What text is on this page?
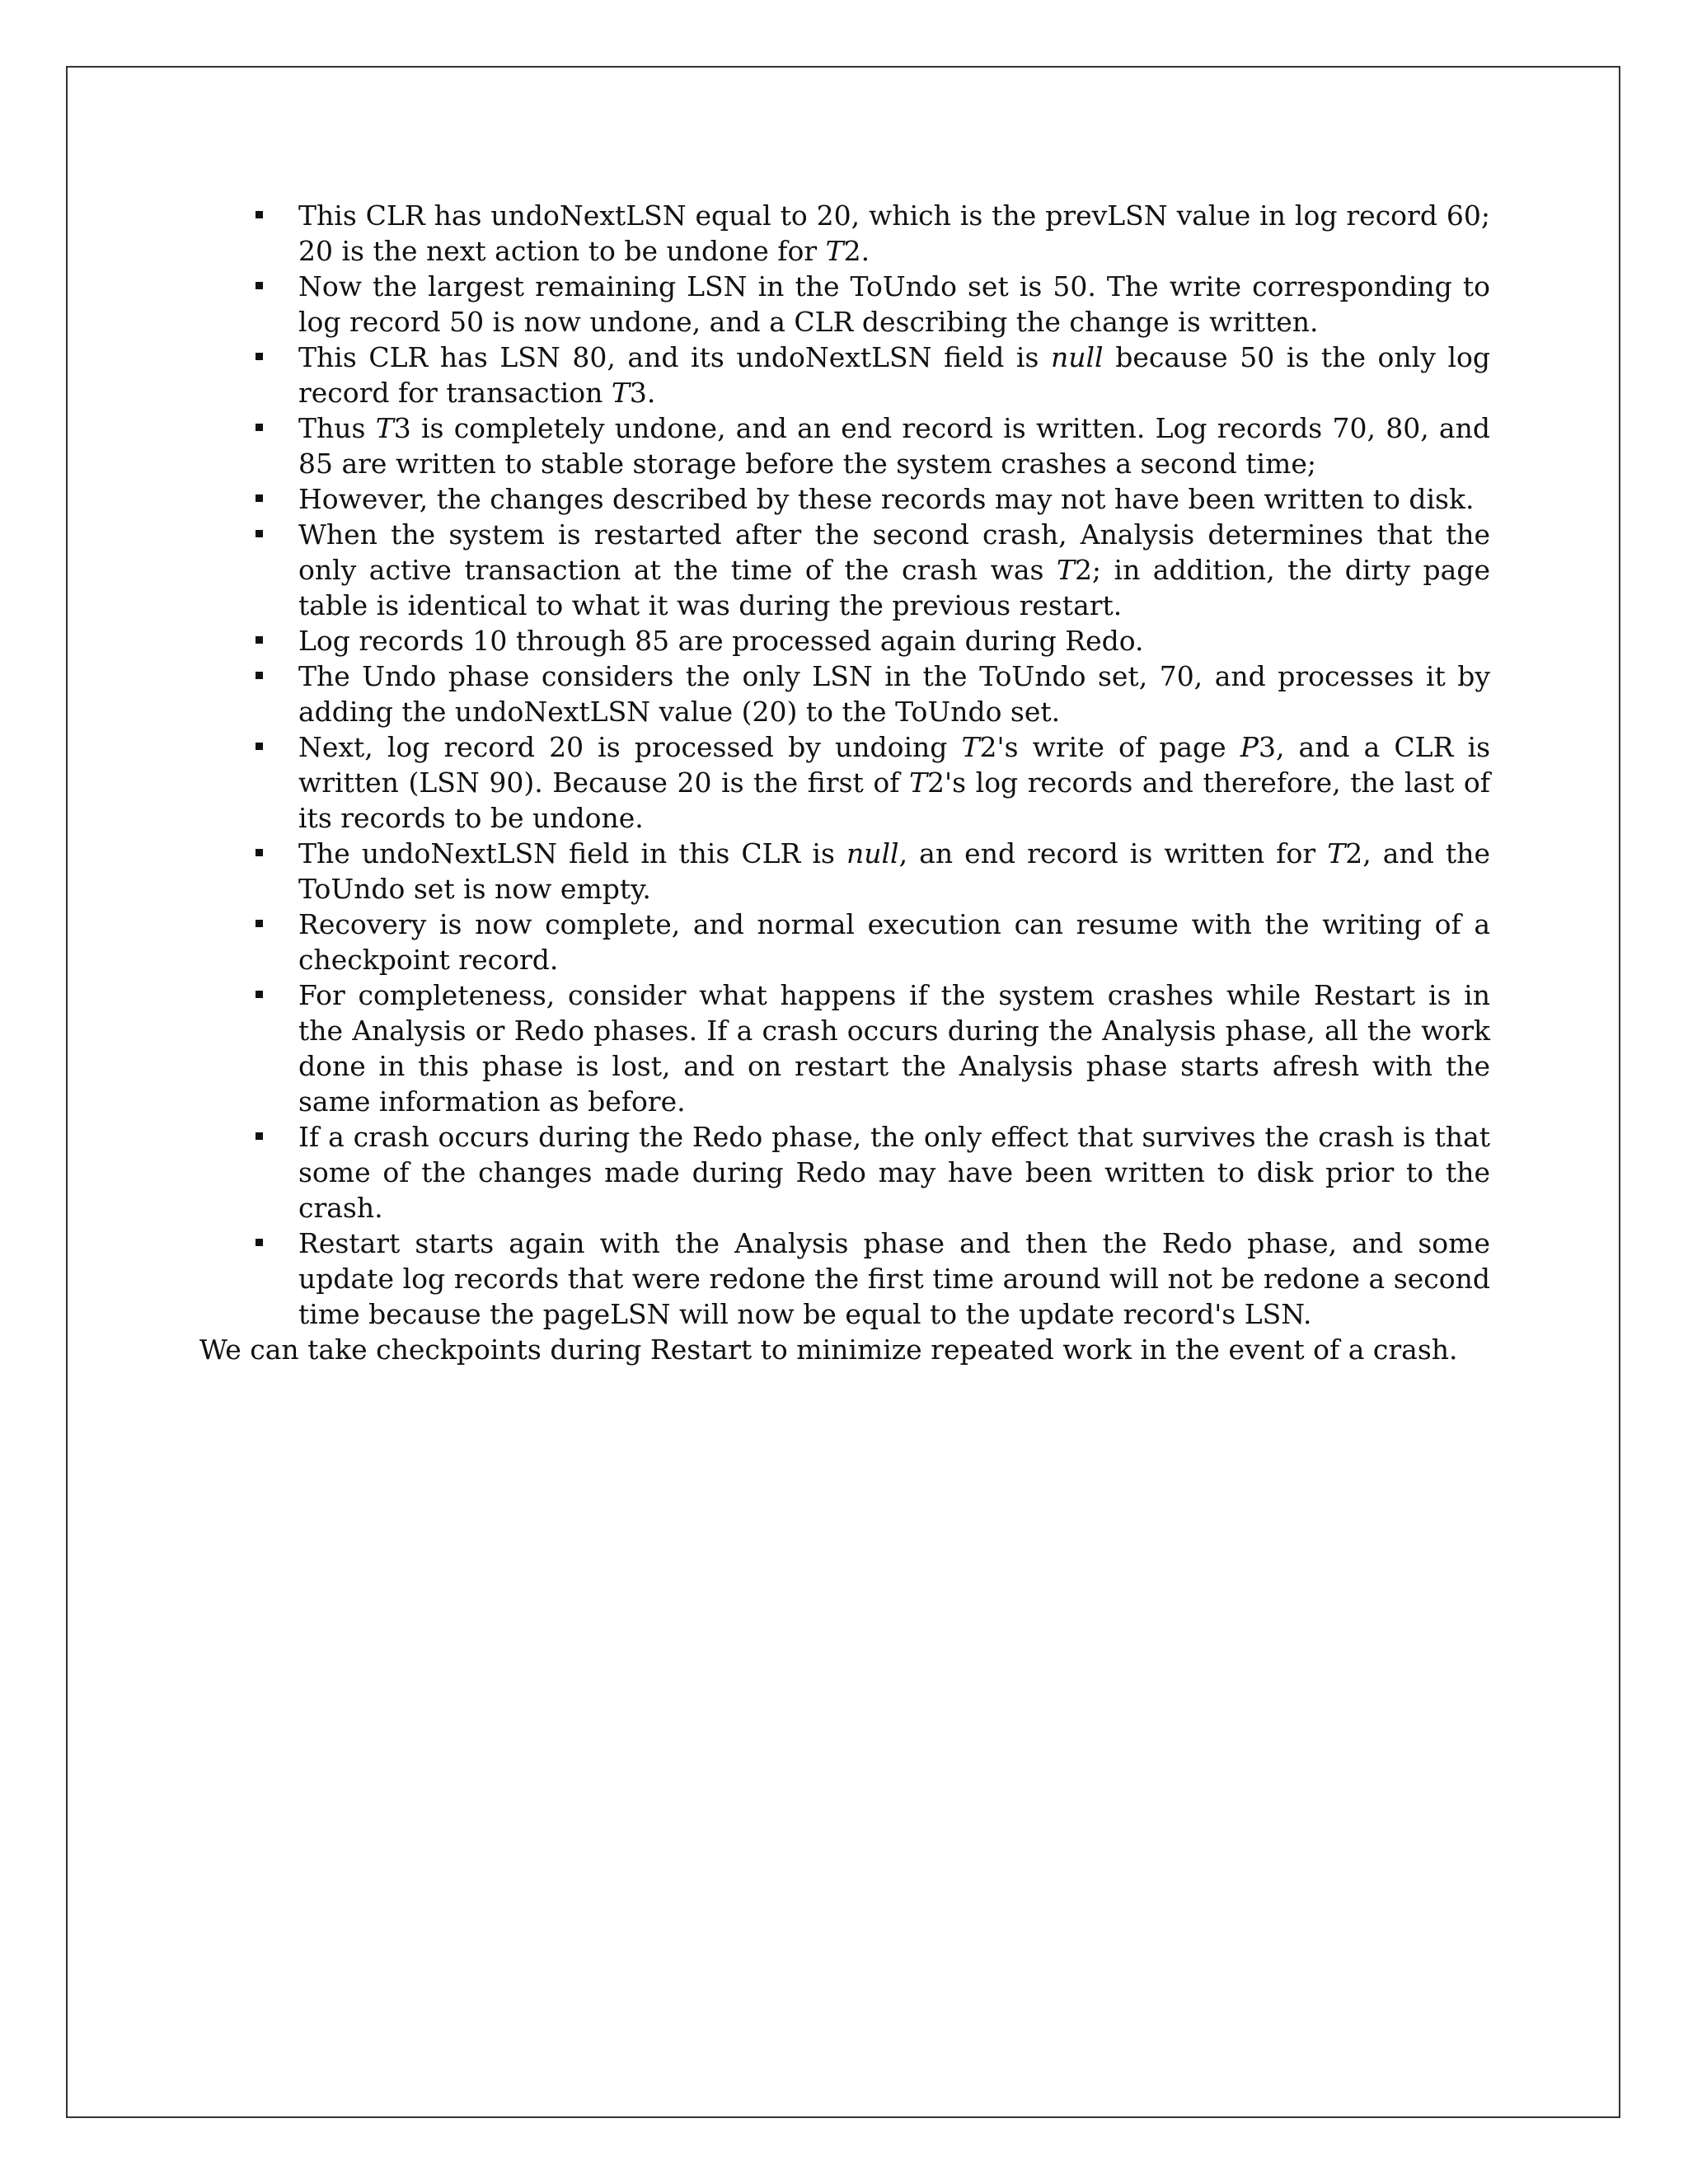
This CLR has undoNextLSN equal to 20, which is the prevLSN value in log record 60; 20 is the next action to be undone for T2.
Now the largest remaining LSN in the ToUndo set is 50. The write corresponding to log record 50 is now undone, and a CLR describing the change is written.
This CLR has LSN 80, and its undoNextLSN field is null because 50 is the only log record for transaction T3.
Thus T3 is completely undone, and an end record is written. Log records 70, 80, and 85 are written to stable storage before the system crashes a second time;
However, the changes described by these records may not have been written to disk.
When the system is restarted after the second crash, Analysis determines that the only active transaction at the time of the crash was T2; in addition, the dirty page table is identical to what it was during the previous restart.
Log records 10 through 85 are processed again during Redo.
The Undo phase considers the only LSN in the ToUndo set, 70, and processes it by adding the undoNextLSN value (20) to the ToUndo set.
Next, log record 20 is processed by undoing T2's write of page P3, and a CLR is written (LSN 90). Because 20 is the first of T2's log records and therefore, the last of its records to be undone.
The undoNextLSN field in this CLR is null, an end record is written for T2, and the ToUndo set is now empty.
Recovery is now complete, and normal execution can resume with the writing of a checkpoint record.
For completeness, consider what happens if the system crashes while Restart is in the Analysis or Redo phases. If a crash occurs during the Analysis phase, all the work done in this phase is lost, and on restart the Analysis phase starts afresh with the same information as before.
If a crash occurs during the Redo phase, the only effect that survives the crash is that some of the changes made during Redo may have been written to disk prior to the crash.
Restart starts again with the Analysis phase and then the Redo phase, and some update log records that were redone the first time around will not be redone a second time because the pageLSN will now be equal to the update record's LSN.

We can take checkpoints during Restart to minimize repeated work in the event of a crash.
